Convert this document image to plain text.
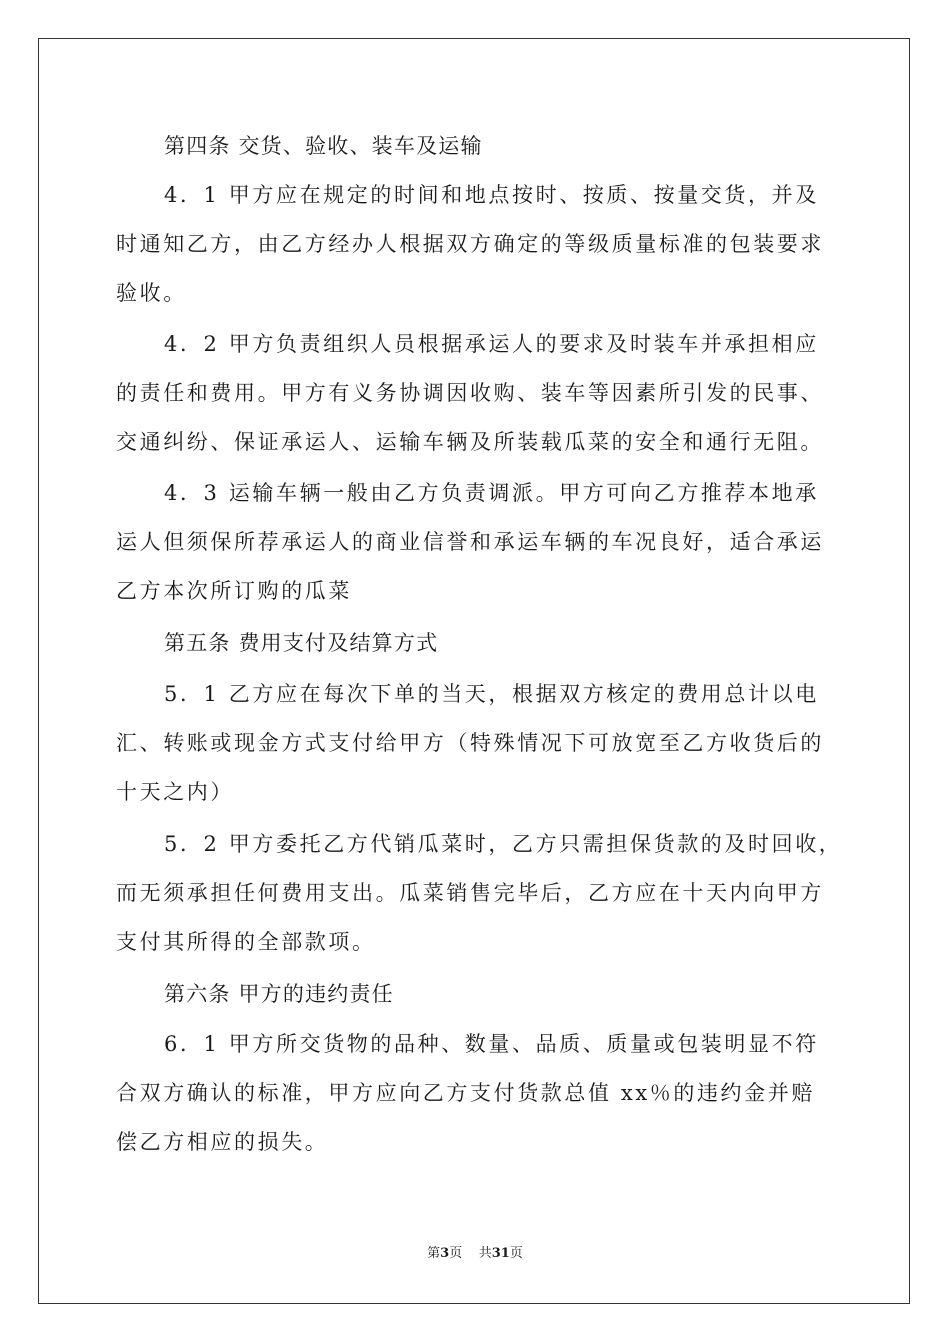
第四条 交货、验收、装车及运输
4．1 甲方应在规定的时间和地点按时、按质、按量交货，并及
时通知乙方，由乙方经办人根据双方确定的等级质量标准的包装要求
验收。
4．2 甲方负责组织人员根据承运人的要求及时装车并承担相应
的责任和费用。甲方有义务协调因收购、装车等因素所引发的民事、
交通纠纷、保证承运人、运输车辆及所装载瓜菜的安全和通行无阻。
4．3 运输车辆一般由乙方负责调派。甲方可向乙方推荐本地承
运人但须保所荐承运人的商业信誉和承运车辆的车况良好，适合承运
乙方本次所订购的瓜菜
第五条 费用支付及结算方式
5．1 乙方应在每次下单的当天，根据双方核定的费用总计以电
汇、转账或现金方式支付给甲方（特殊情况下可放宽至乙方收货后的
十天之内）
5．2 甲方委托乙方代销瓜菜时，乙方只需担保货款的及时回收，
而无须承担任何费用支出。瓜菜销售完毕后，乙方应在十天内向甲方
支付其所得的全部款项。
第六条 甲方的违约责任
6．1 甲方所交货物的品种、数量、品质、质量或包装明显不符
合双方确认的标准，甲方应向乙方支付货款总值 xx％的违约金并赔
偿乙方相应的损失。
第3页 共31页
